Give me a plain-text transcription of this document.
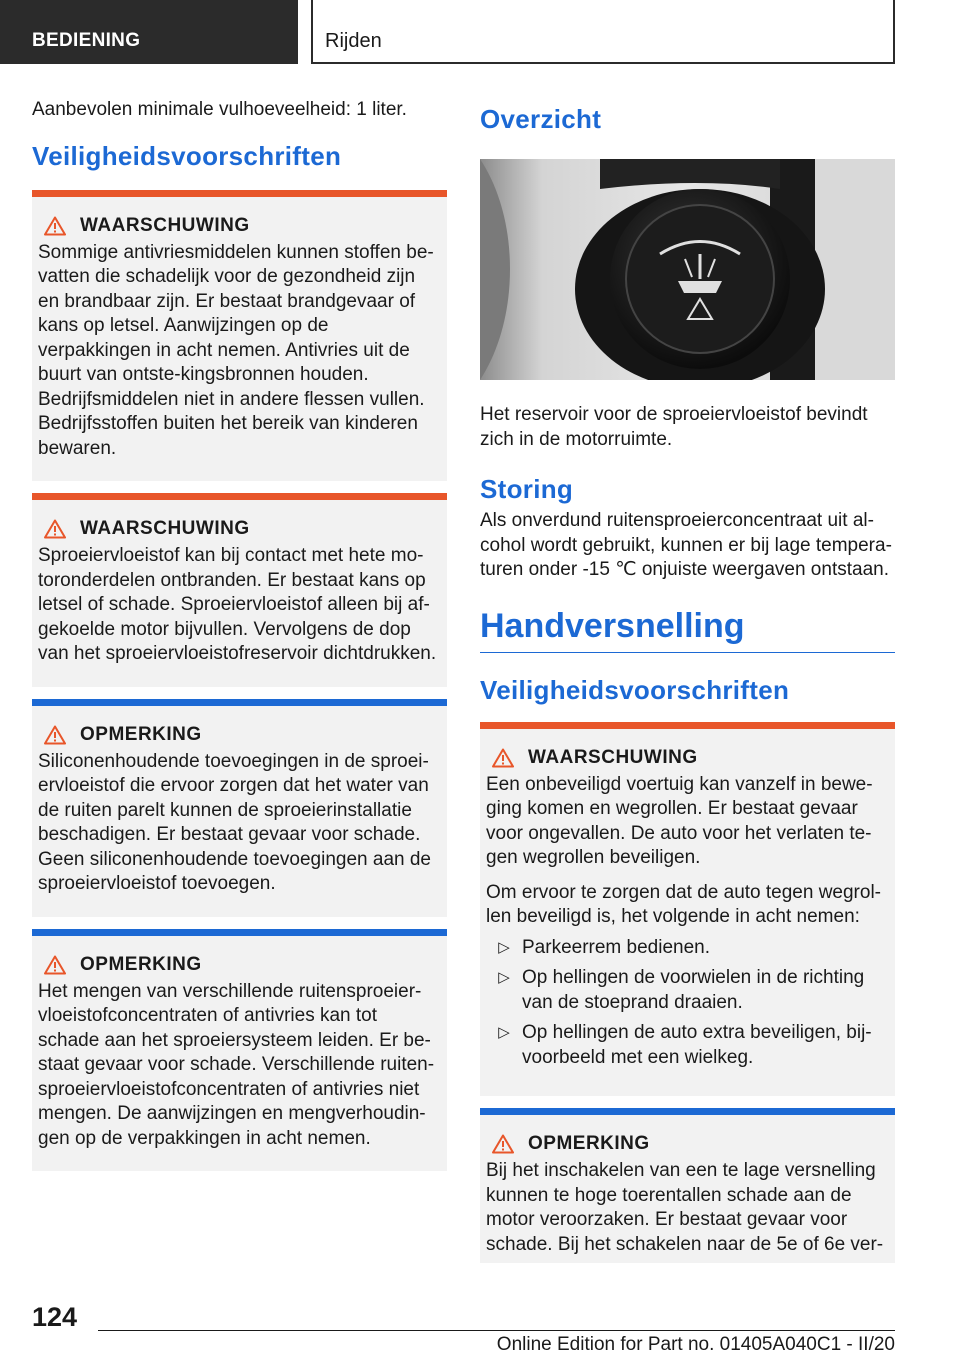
BEDIENING	Rijden

Aanbevolen minimale vulhoeveelheid: 1 liter.

Veiligheidsvoorschriften
WAARSCHUWING

Sommige antivriesmiddelen kunnen stoffen be-vatten die schadelijk voor de gezondheid zijn en brandbaar zijn. Er bestaat brandgevaar of kans op letsel. Aanwijzingen op de verpakkingen in acht nemen. Antivries uit de buurt van ontste-kingsbronnen houden. Bedrijfsmiddelen niet in andere flessen vullen. Bedrijfsstoffen buiten het bereik van kinderen bewaren.

WAARSCHUWING

Sproeiervloeistof kan bij contact met hete mo-toronderdelen ontbranden. Er bestaat kans op letsel of schade. Sproeiervloeistof alleen bij af-gekoelde motor bijvullen. Vervolgens de dop van het sproeiervloeistofreservoir dichtdrukken.

OPMERKING

Siliconenhoudende toevoegingen in de sproei-ervloeistof die ervoor zorgen dat het water van de ruiten parelt kunnen de sproeierinstallatie beschadigen. Er bestaat gevaar voor schade. Geen siliconenhoudende toevoegingen aan de sproeiervloeistof toevoegen.

OPMERKING

Het mengen van verschillende ruitensproeier-vloeistofconcentraten of antivries kan tot schade aan het sproeiersysteem leiden. Er be-staat gevaar voor schade. Verschillende ruiten-sproeiervloeistofconcentraten of antivries niet mengen. De aanwijzingen en mengverhoudin-gen op de verpakkingen in acht nemen.

Overzicht

Het reservoir voor de sproeiervloeistof bevindt zich in de motorruimte.

Storing

Als onverdund ruitensproeierconcentraat uit al-cohol wordt gebruikt, kunnen er bij lage tempera-turen onder -15 ℃ onjuiste weergaven ontstaan.

Handversnelling
Veiligheidsvoorschriften
WAARSCHUWING

Een onbeveiligd voertuig kan vanzelf in bewe-ging komen en wegrollen. Er bestaat gevaar voor ongevallen. De auto voor het verlaten te-gen wegrollen beveiligen.

Om ervoor te zorgen dat de auto tegen wegrol-len beveiligd is, het volgende in acht nemen:

▷ Parkeerrem bedienen.
▷ Op hellingen de voorwielen in de richting van de stoeprand draaien.
▷ Op hellingen de auto extra beveiligen, bij-voorbeeld met een wielkeg.
OPMERKING

Bij het inschakelen van een te lage versnelling kunnen te hoge toerentallen schade aan de motor veroorzaken. Er bestaat gevaar voor schade. Bij het schakelen naar de 5e of 6e ver-

124
Online Edition for Part no. 01405A040C1 - II/20
